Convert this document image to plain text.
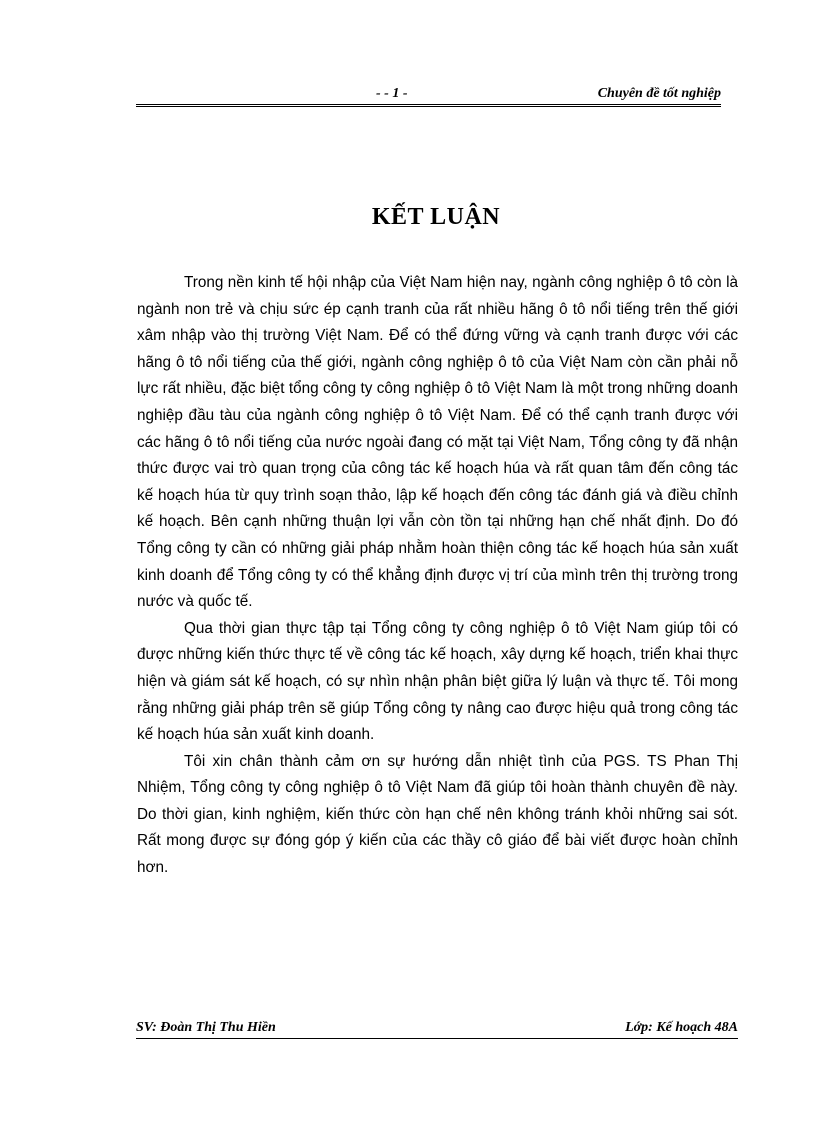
- - 1 -	Chuyên đề tốt nghiệp
KẾT LUẬN

Trong nền kinh tế hội nhập của Việt Nam hiện nay, ngành công nghiệp ô tô còn là ngành non trẻ và chịu sức ép cạnh tranh của rất nhiều hãng ô tô nổi tiếng trên thế giới xâm nhập vào thị trường Việt Nam. Để có thể đứng vững và cạnh tranh được với các hãng ô tô nổi tiếng của thế giới, ngành công nghiệp ô tô của Việt Nam còn cần phải nỗ lực rất nhiều, đặc biệt tổng công ty công nghiệp ô tô Việt Nam là một trong những doanh nghiệp đầu tàu của ngành công nghiệp ô tô Việt Nam. Để có thể cạnh tranh được với các hãng ô tô nổi tiếng của nước ngoài đang có mặt tại Việt Nam, Tổng công ty đã nhận thức được vai trò quan trọng của công tác kế hoạch húa và rất quan tâm đến công tác kế hoạch húa từ quy trình soạn thảo, lập kế hoạch đến công tác đánh giá và điều chỉnh kế hoạch. Bên cạnh những thuận lợi vẫn còn tồn tại những hạn chế nhất định. Do đó Tổng công ty cần có những giải pháp nhằm hoàn thiện công tác kế hoạch húa sản xuất kinh doanh để Tổng công ty có thể khẳng định được vị trí của mình trên thị trường trong nước và quốc tế.

Qua thời gian thực tập tại Tổng công ty công nghiệp ô tô Việt Nam giúp tôi có được những kiến thức thực tế về công tác kế hoạch, xây dựng kế hoạch, triển khai thực hiện và giám sát kế hoạch, có sự nhìn nhận phân biệt giữa lý luận và thực tế. Tôi mong rằng những giải pháp trên sẽ giúp Tổng công ty nâng cao được hiệu quả trong công tác kế hoạch húa sản xuất kinh doanh.

Tôi xin chân thành cảm ơn sự hướng dẫn nhiệt tình của PGS. TS Phan Thị Nhiệm, Tổng công ty công nghiệp ô tô Việt Nam đã giúp tôi hoàn thành chuyên đề này. Do thời gian, kinh nghiệm, kiến thức còn hạn chế nên không tránh khỏi những sai sót. Rất mong được sự đóng góp ý kiến của các thầy cô giáo để bài viết được hoàn chỉnh hơn.

SV: Đoàn Thị Thu Hiền	Lớp: Kế hoạch 48A
